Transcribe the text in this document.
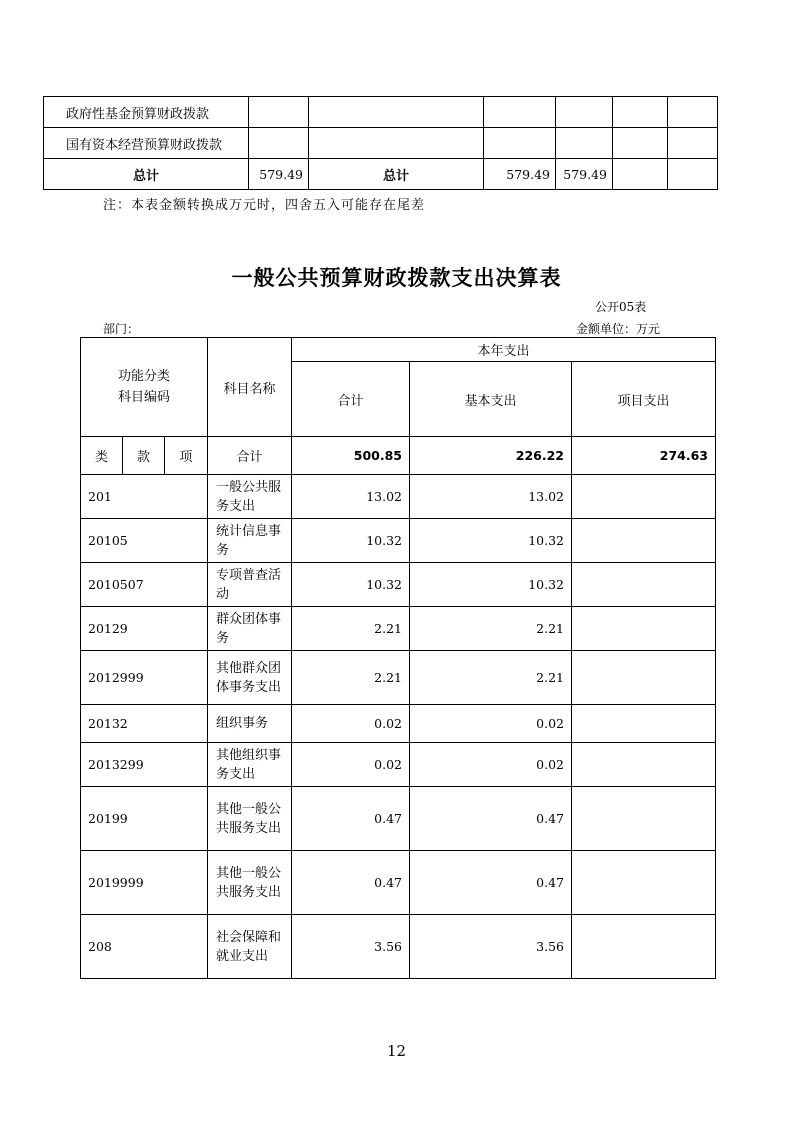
政府性基金预算财政拨款						
国有资本经营预算财政拨款						
总计	579.49	总计	579.49	579.49		
注：本表金额转换成万元时，四舍五入可能存在尾差
一般公共预算财政拨款支出决算表
公开05表
部门：	金额单位：万元
功能分类
科目编码			科目名称	本年支出		
				合计	基本支出	项目支出
类	款	项	合计	500.85	226.22	274.63
201			一般公共服务支出	13.02	13.02	
20105			统计信息事务	10.32	10.32	
2010507			专项普查活动	10.32	10.32	
20129			群众团体事务	2.21	2.21	
2012999			其他群众团体事务支出	2.21	2.21	
20132			组织事务	0.02	0.02	
2013299			其他组织事务支出	0.02	0.02	
20199			其他一般公共服务支出	0.47	0.47	
2019999			其他一般公共服务支出	0.47	0.47	
208			社会保障和就业支出	3.56	3.56	
12
